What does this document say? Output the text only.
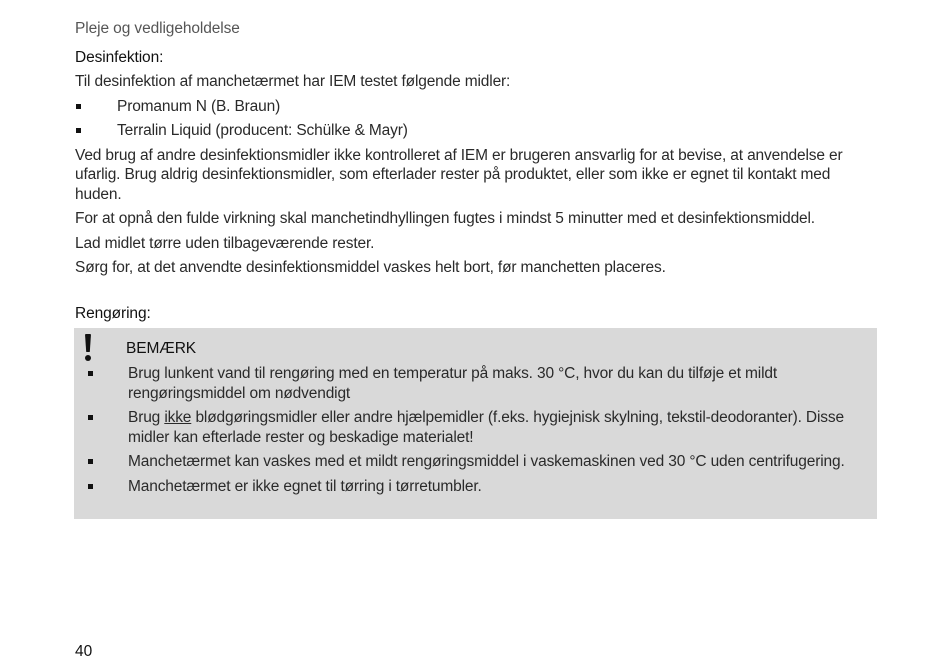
Pleje og vedligeholdelse
Desinfektion:

Til desinfektion af manchetærmet har IEM testet følgende midler:

Promanum N (B. Braun)
Terralin Liquid (producent: Schülke & Mayr)

Ved brug af andre desinfektionsmidler ikke kontrolleret af IEM er brugeren ansvarlig for at bevise, at anvendelse er ufarlig. Brug aldrig desinfektionsmidler, som efterlader rester på produktet, eller som ikke er egnet til kontakt med huden.

For at opnå den fulde virkning skal manchetindhyllingen fugtes i mindst 5 minutter med et desinfektionsmiddel.

Lad midlet tørre uden tilbageværende rester.

Sørg for, at det anvendte desinfektionsmiddel vaskes helt bort, før manchetten placeres.

Rengøring:
BEMÆRK
Brug lunkent vand til rengøring med en temperatur på maks. 30 °C, hvor du kan du tilføje et mildt rengøringsmiddel om nødvendigt
Brug ikke blødgøringsmidler eller andre hjælpemidler (f.eks. hygiejnisk skylning, tekstil-deodoranter). Disse midler kan efterlade rester og beskadige materialet!
Manchetærmet kan vaskes med et mildt rengøringsmiddel i vaskemaskinen ved 30 °C uden centrifugering.
Manchetærmet er ikke egnet til tørring i tørretumbler.
40
